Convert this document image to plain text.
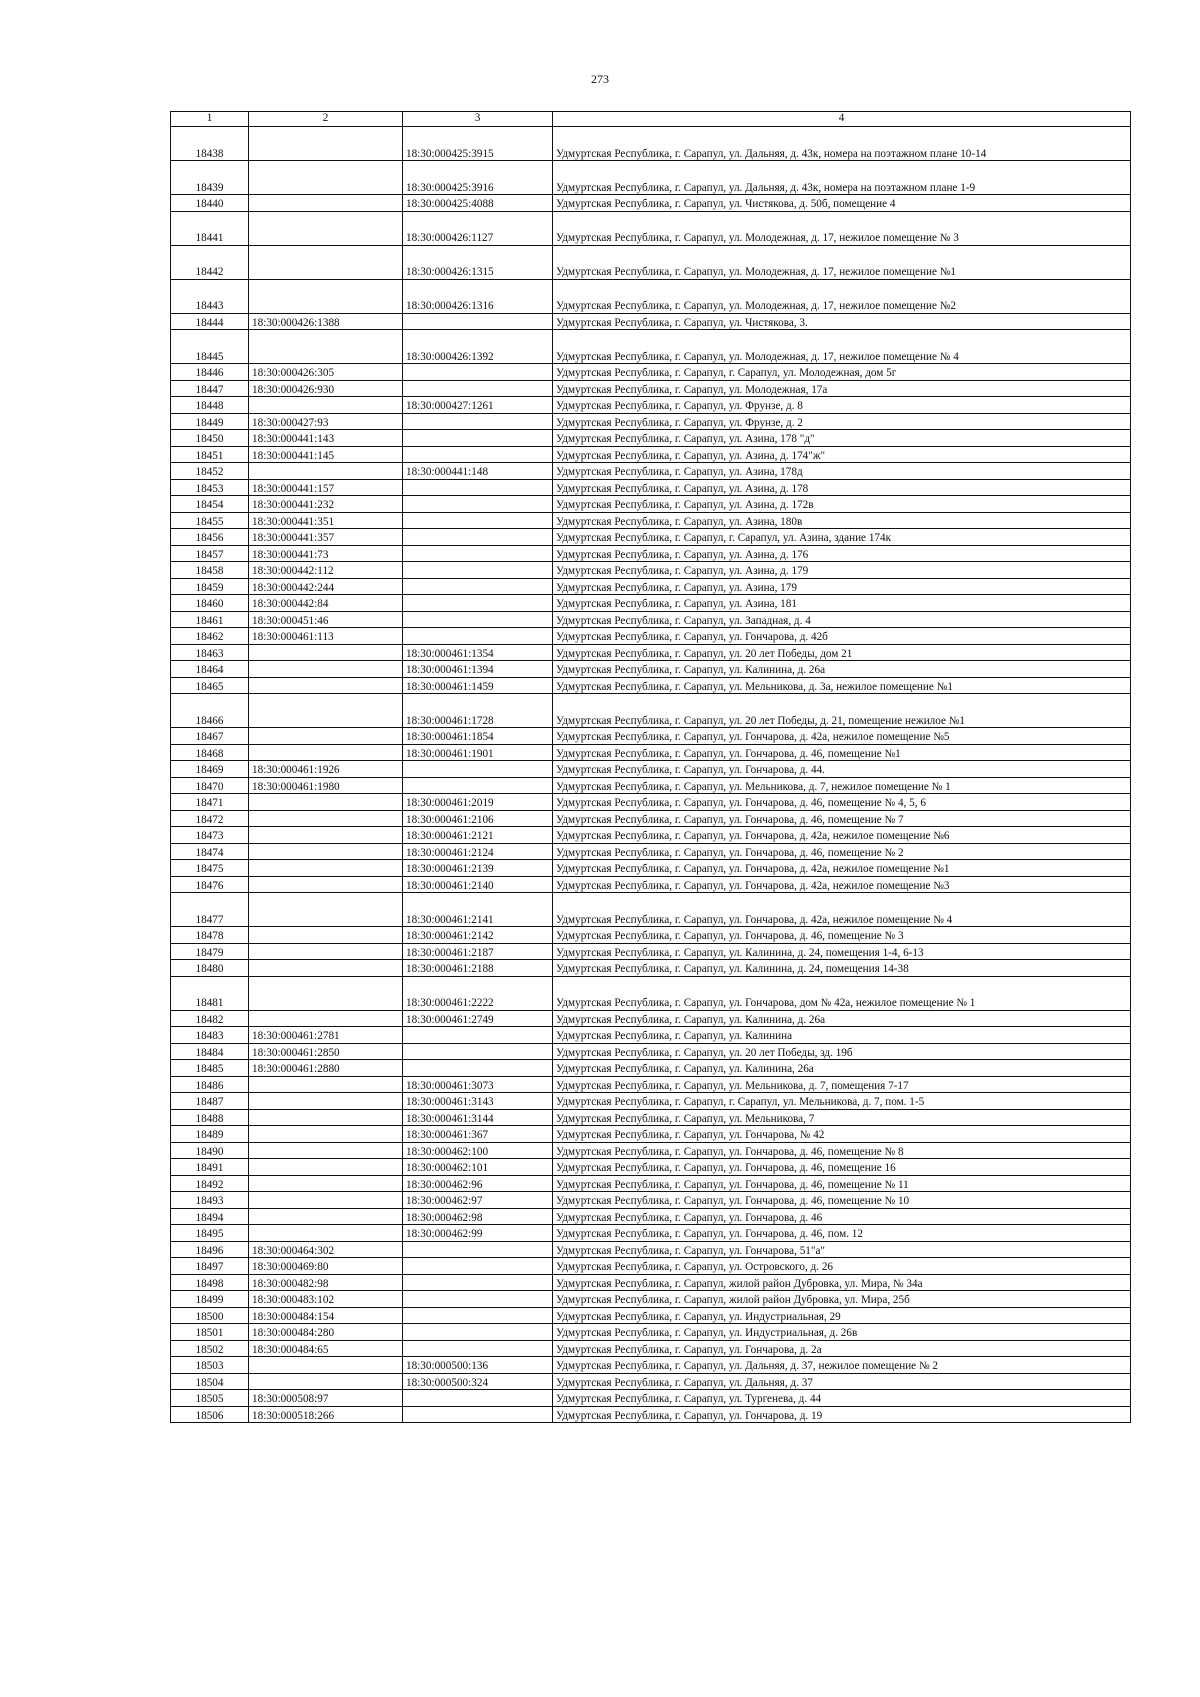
273
1	2	3	4
18438		18:30:000425:3915	Удмуртская Республика, г. Сарапул, ул. Дальняя, д. 43к, номера на поэтажном плане 10-14
18439		18:30:000425:3916	Удмуртская Республика, г. Сарапул, ул. Дальняя, д. 43к, номера на поэтажном плане 1-9
18440		18:30:000425:4088	Удмуртская Республика, г. Сарапул, ул. Чистякова, д. 50б, помещение 4
18441		18:30:000426:1127	Удмуртская Республика, г. Сарапул, ул. Молодежная, д. 17, нежилое помещение № 3
18442		18:30:000426:1315	Удмуртская Республика, г. Сарапул, ул. Молодежная, д. 17, нежилое помещение №1
18443		18:30:000426:1316	Удмуртская Республика, г. Сарапул, ул. Молодежная, д. 17, нежилое помещение №2
18444	18:30:000426:1388		Удмуртская Республика, г. Сарапул, ул. Чистякова, 3.
18445		18:30:000426:1392	Удмуртская Республика, г. Сарапул, ул. Молодежная, д. 17, нежилое помещение № 4
18446	18:30:000426:305		Удмуртская Республика, г. Сарапул, г. Сарапул, ул. Молодежная, дом 5г
18447	18:30:000426:930		Удмуртская Республика, г. Сарапул, ул. Молодежная, 17а
18448		18:30:000427:1261	Удмуртская Республика, г. Сарапул, ул. Фрунзе, д. 8
18449	18:30:000427:93		Удмуртская Республика, г. Сарапул, ул. Фрунзе, д. 2
18450	18:30:000441:143		Удмуртская Республика, г. Сарапул, ул. Азина, 178 "д"
18451	18:30:000441:145		Удмуртская Республика, г. Сарапул, ул. Азина, д. 174"ж"
18452		18:30:000441:148	Удмуртская Республика, г. Сарапул, ул. Азина, 178д
18453	18:30:000441:157		Удмуртская Республика, г. Сарапул, ул. Азина, д. 178
18454	18:30:000441:232		Удмуртская Республика, г. Сарапул, ул. Азина, д. 172в
18455	18:30:000441:351		Удмуртская Республика, г. Сарапул, ул. Азина, 180в
18456	18:30:000441:357		Удмуртская Республика, г. Сарапул, г. Сарапул, ул. Азина, здание 174к
18457	18:30:000441:73		Удмуртская Республика, г. Сарапул, ул. Азина, д. 176
18458	18:30:000442:112		Удмуртская Республика, г. Сарапул, ул. Азина, д. 179
18459	18:30:000442:244		Удмуртская Республика, г. Сарапул, ул. Азина, 179
18460	18:30:000442:84		Удмуртская Республика, г. Сарапул, ул. Азина, 181
18461	18:30:000451:46		Удмуртская Республика, г. Сарапул, ул. Западная, д. 4
18462	18:30:000461:113		Удмуртская Республика, г. Сарапул, ул. Гончарова, д. 42б
18463		18:30:000461:1354	Удмуртская Республика, г. Сарапул, ул. 20 лет Победы, дом 21
18464		18:30:000461:1394	Удмуртская Республика, г. Сарапул, ул. Калинина, д. 26а
18465		18:30:000461:1459	Удмуртская Республика, г. Сарапул, ул. Мельникова, д. 3а, нежилое помещение №1
18466		18:30:000461:1728	Удмуртская Республика, г. Сарапул, ул. 20 лет Победы, д. 21, помещение нежилое №1
18467		18:30:000461:1854	Удмуртская Республика, г. Сарапул, ул. Гончарова, д. 42а, нежилое помещение №5
18468		18:30:000461:1901	Удмуртская Республика, г. Сарапул, ул. Гончарова, д. 46, помещение №1
18469	18:30:000461:1926		Удмуртская Республика, г. Сарапул, ул. Гончарова, д. 44.
18470	18:30:000461:1980		Удмуртская Республика, г. Сарапул, ул. Мельникова, д. 7, нежилое помещение № 1
18471		18:30:000461:2019	Удмуртская Республика, г. Сарапул, ул. Гончарова, д. 46, помещение № 4, 5, 6
18472		18:30:000461:2106	Удмуртская Республика, г. Сарапул, ул. Гончарова, д. 46, помещение № 7
18473		18:30:000461:2121	Удмуртская Республика, г. Сарапул, ул. Гончарова, д. 42а, нежилое помещение №6
18474		18:30:000461:2124	Удмуртская Республика, г. Сарапул, ул. Гончарова, д. 46, помещение № 2
18475		18:30:000461:2139	Удмуртская Республика, г. Сарапул, ул. Гончарова, д. 42а, нежилое помещение №1
18476		18:30:000461:2140	Удмуртская Республика, г. Сарапул, ул. Гончарова, д. 42а, нежилое помещение №3
18477		18:30:000461:2141	Удмуртская Республика, г. Сарапул, ул. Гончарова, д. 42а, нежилое помещение № 4
18478		18:30:000461:2142	Удмуртская Республика, г. Сарапул, ул. Гончарова, д. 46, помещение № 3
18479		18:30:000461:2187	Удмуртская Республика, г. Сарапул, ул. Калинина, д. 24, помещения 1-4, 6-13
18480		18:30:000461:2188	Удмуртская Республика, г. Сарапул, ул. Калинина, д. 24, помещения 14-38
18481		18:30:000461:2222	Удмуртская Республика, г. Сарапул, ул. Гончарова, дом № 42а, нежилое помещение № 1
18482		18:30:000461:2749	Удмуртская Республика, г. Сарапул, ул. Калинина, д. 26а
18483	18:30:000461:2781		Удмуртская Республика, г. Сарапул, ул. Калинина
18484	18:30:000461:2850		Удмуртская Республика, г. Сарапул, ул. 20 лет Победы, зд. 19б
18485	18:30:000461:2880		Удмуртская Республика, г. Сарапул, ул. Калинина, 26а
18486		18:30:000461:3073	Удмуртская Республика, г. Сарапул, ул. Мельникова, д. 7, помещения 7-17
18487		18:30:000461:3143	Удмуртская Республика, г. Сарапул, г. Сарапул, ул. Мельникова, д. 7, пом. 1-5
18488		18:30:000461:3144	Удмуртская Республика, г. Сарапул, ул. Мельникова, 7
18489		18:30:000461:367	Удмуртская Республика, г. Сарапул, ул. Гончарова, № 42
18490		18:30:000462:100	Удмуртская Республика, г. Сарапул, ул. Гончарова, д. 46, помещение № 8
18491		18:30:000462:101	Удмуртская Республика, г. Сарапул, ул. Гончарова, д. 46, помещение 16
18492		18:30:000462:96	Удмуртская Республика, г. Сарапул, ул. Гончарова, д. 46, помещение № 11
18493		18:30:000462:97	Удмуртская Республика, г. Сарапул, ул. Гончарова, д. 46, помещение № 10
18494		18:30:000462:98	Удмуртская Республика, г. Сарапул, ул. Гончарова, д. 46
18495		18:30:000462:99	Удмуртская Республика, г. Сарапул, ул. Гончарова, д. 46, пом. 12
18496	18:30:000464:302		Удмуртская Республика, г. Сарапул, ул. Гончарова, 51"а"
18497	18:30:000469:80		Удмуртская Республика, г. Сарапул, ул. Островского, д. 26
18498	18:30:000482:98		Удмуртская Республика, г. Сарапул, жилой район Дубровка, ул. Мира, № 34а
18499	18:30:000483:102		Удмуртская Республика, г. Сарапул, жилой район Дубровка, ул. Мира, 25б
18500	18:30:000484:154		Удмуртская Республика, г. Сарапул, ул. Индустриальная, 29
18501	18:30:000484:280		Удмуртская Республика, г. Сарапул, ул. Индустриальная, д. 26в
18502	18:30:000484:65		Удмуртская Республика, г. Сарапул, ул. Гончарова, д. 2а
18503		18:30:000500:136	Удмуртская Республика, г. Сарапул, ул. Дальняя, д. 37, нежилое помещение № 2
18504		18:30:000500:324	Удмуртская Республика, г. Сарапул, ул. Дальняя, д. 37
18505	18:30:000508:97		Удмуртская Республика, г. Сарапул, ул. Тургенева, д. 44
18506	18:30:000518:266		Удмуртская Республика, г. Сарапул, ул. Гончарова, д. 19
